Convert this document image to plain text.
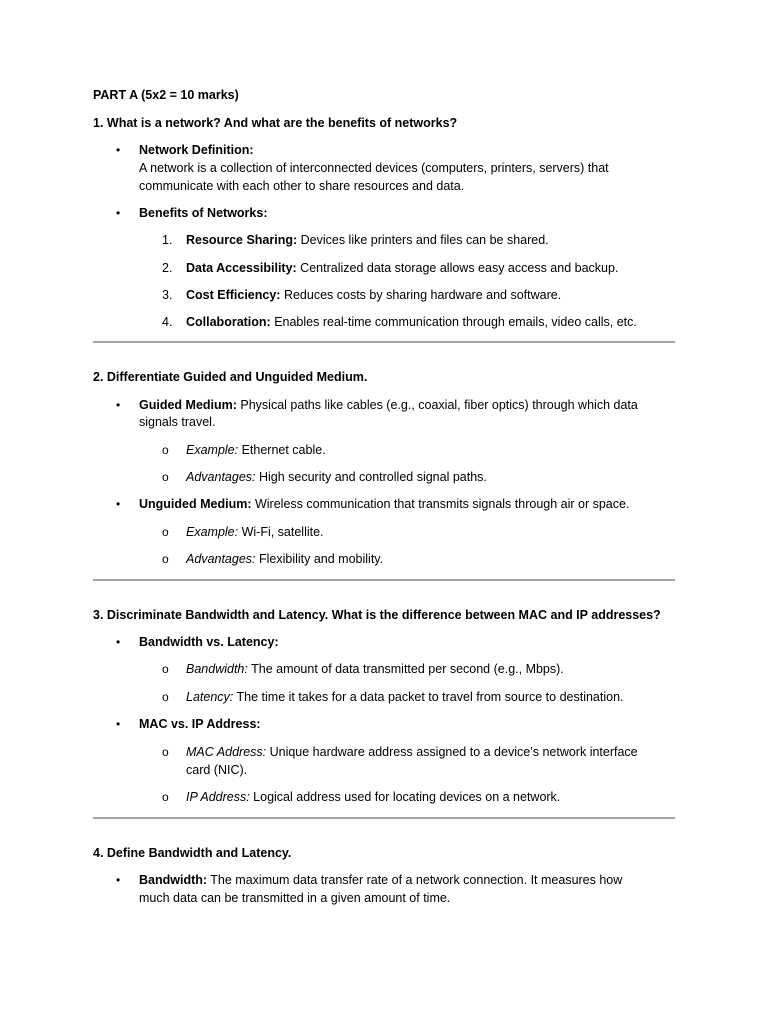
PART A (5x2 = 10 marks)
1. What is a network? And what are the benefits of networks?
• Network Definition:
A network is a collection of interconnected devices (computers, printers, servers) that
communicate with each other to share resources and data.
• Benefits of Networks:
1. Resource Sharing: Devices like printers and files can be shared.
2. Data Accessibility: Centralized data storage allows easy access and backup.
3. Cost Efficiency: Reduces costs by sharing hardware and software.
4. Collaboration: Enables real-time communication through emails, video calls, etc.
2. Differentiate Guided and Unguided Medium.
• Guided Medium: Physical paths like cables (e.g., coaxial, fiber optics) through which data
signals travel.
o Example: Ethernet cable.
o Advantages: High security and controlled signal paths.
• Unguided Medium: Wireless communication that transmits signals through air or space.
o Example: Wi-Fi, satellite.
o Advantages: Flexibility and mobility.
3. Discriminate Bandwidth and Latency. What is the difference between MAC and IP addresses?
• Bandwidth vs. Latency:
o Bandwidth: The amount of data transmitted per second (e.g., Mbps).
o Latency: The time it takes for a data packet to travel from source to destination.
• MAC vs. IP Address:
o MAC Address: Unique hardware address assigned to a device’s network interface
card (NIC).
o IP Address: Logical address used for locating devices on a network.
4. Define Bandwidth and Latency.
• Bandwidth: The maximum data transfer rate of a network connection. It measures how
much data can be transmitted in a given amount of time.
